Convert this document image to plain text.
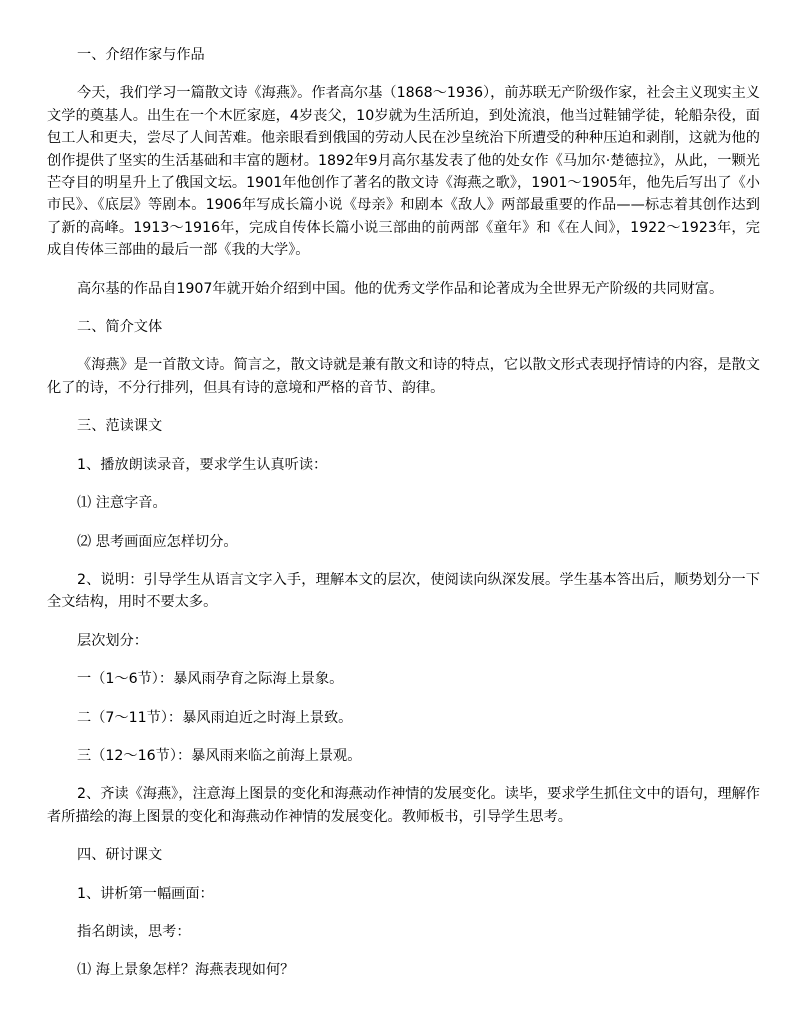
一、介绍作家与作品

今天，我们学习一篇散文诗《海燕》。作者高尔基（1868～1936），前苏联无产阶级作家，社会主义现实主义文学的奠基人。出生在一个木匠家庭，4岁丧父，10岁就为生活所迫，到处流浪，他当过鞋铺学徒，轮船杂役，面包工人和更夫，尝尽了人间苦难。他亲眼看到俄国的劳动人民在沙皇统治下所遭受的种种压迫和剥削，这就为他的创作提供了坚实的生活基础和丰富的题材。1892年9月高尔基发表了他的处女作《马加尔·楚德拉》，从此，一颗光芒夺目的明星升上了俄国文坛。1901年他创作了著名的散文诗《海燕之歌》，1901～1905年，他先后写出了《小市民》、《底层》等剧本。1906年写成长篇小说《母亲》和剧本《敌人》两部最重要的作品——标志着其创作达到了新的高峰。1913～1916年，完成自传体长篇小说三部曲的前两部《童年》和《在人间》，1922～1923年，完成自传体三部曲的最后一部《我的大学》。

高尔基的作品自1907年就开始介绍到中国。他的优秀文学作品和论著成为全世界无产阶级的共同财富。

二、简介文体

《海燕》是一首散文诗。简言之，散文诗就是兼有散文和诗的特点，它以散文形式表现抒情诗的内容，是散文化了的诗，不分行排列，但具有诗的意境和严格的音节、韵律。

三、范读课文

1、播放朗读录音，要求学生认真听读：

⑴ 注意字音。

⑵ 思考画面应怎样切分。

2、说明：引导学生从语言文字入手，理解本文的层次，使阅读向纵深发展。学生基本答出后，顺势划分一下全文结构，用时不要太多。

层次划分：

一（1～6节）：暴风雨孕育之际海上景象。

二（7～11节）：暴风雨迫近之时海上景致。

三（12～16节）：暴风雨来临之前海上景观。

2、齐读《海燕》，注意海上图景的变化和海燕动作神情的发展变化。读毕，要求学生抓住文中的语句，理解作者所描绘的海上图景的变化和海燕动作神情的发展变化。教师板书，引导学生思考。

四、研讨课文

1、讲析第一幅画面：

指名朗读，思考：

⑴ 海上景象怎样？海燕表现如何？
